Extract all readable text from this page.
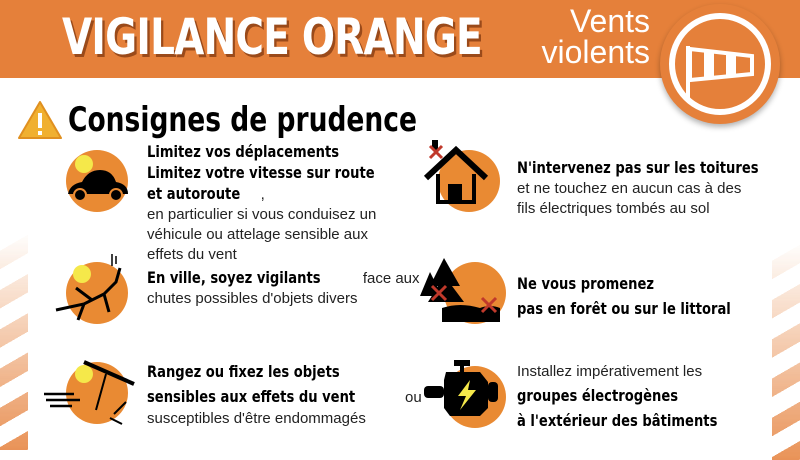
VIGILANCE ORANGE	Vents
violents
Consignes de prudence
Limitez vos déplacements
Limitez votre vitesse sur route
et autoroute ,
en particulier si vous conduisez un
véhicule ou attelage sensible aux
effets du vent
En ville, soyez vigilants	face aux
chutes possibles d'objets divers
Rangez ou fixez les objets
sensibles aux effets du vent	ou
susceptibles d'être endommagés
N'intervenez pas sur les toitures
et ne touchez en aucun cas à des
fils électriques tombés au sol
Ne vous promenez
pas en forêt ou sur le littoral
Installez impérativement les
groupes électrogènes
à l'extérieur des bâtiments
